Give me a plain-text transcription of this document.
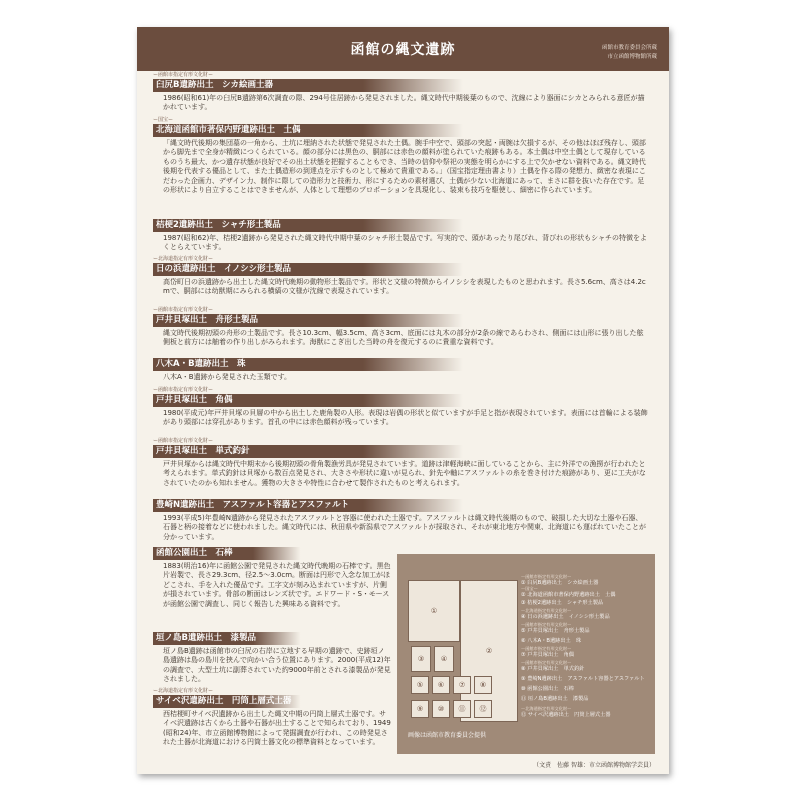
函館の縄文遺跡	函館市教育委員会所蔵
市立函館博物館所蔵
ー函館市指定有形文化財ー
臼尻B遺跡出土　シカ絵画土器
1986(昭和61)年の臼尻B遺跡第6次調査の際、294号住居跡から発見されました。縄文時代中期後葉のもので、沈線により器面にシカとみられる意匠が描かれています。
ー国宝ー
北海道函館市著保内野遺跡出土　土偶
「縄文時代後期の集団墓の一角から、土坑に埋納された状態で発見された土偶。腕手中空で、頭部の突起・両腕は欠損するが、その他はほぼ残存し、頭部から脚先まで全身が精緻につくられている。顔の部分には黒色の、胴部には赤色の顔料が塗られていた痕跡もある。本土偶は中空土偶として現存しているものうち最大、かつ遺存状態が良好でその出土状態を把握することもでき、当時の信仰や祭祀の実態を明らかにする上で欠かせない資料である。縄文時代後期を代表する優品として、また土偶造形の到達点を示すものとして極めて貴重である。」（国宝指定理由書より）土偶を作る際の発想力、緻密な表現にこだわった企画力、デザイン力、制作に際しての造形力と技術力、形にするための素材選び、土偶が少ない北海道にあって、まさに群を抜いた存在です。足の形状により自立することはできませんが、人体として理想のプロポーションを具現化し、装束も技巧を駆使し、細密に作られています。
桔梗2遺跡出土　シャチ形土製品
1987(昭和62)年、桔梗2遺跡から発見された縄文時代中期中葉のシャチ形土製品です。写実的で、頭があったり尾びれ、背びれの形状もシャチの特徴をよくとらえています。
ー北海道指定有形文化財ー
日の浜遺跡出土　イノシシ形土製品
高岱町日の浜遺跡から出土した縄文時代晩期の動物形土製品です。形状と文様の特徴からイノシシを表現したものと思われます。長さ5.6cm、高さは4.2cmで、胴部には幼獣期にみられる横縞の文様が沈線で表現されています。
ー函館市指定有形文化財ー
戸井貝塚出土　舟形土製品
縄文時代後期初頭の舟形の土製品です。長さ10.3cm、幅3.5cm、高さ3cm、底面には丸木の部分が2条の線であらわされ、側面には山形に張り出した舷側板と前方には舳着の作り出しがみられます。海獣にこぎ出した当時の舟を復元するのに貴重な資料です。
八木A・B遺跡出土　珠
八木A・B遺跡から発見された玉類です。
ー函館市指定有形文化財ー
戸井貝塚出土　角偶
1980(平成元)年戸井貝塚の貝層の中から出土した鹿角製の人形。表現は岩偶の形状と似ていますが手足と指が表現されています。表面には首輪による装飾があり頭部には穿孔があります。首孔の中には赤色顔料が残っています。
ー函館市指定有形文化財ー
戸井貝塚出土　単式釣針
戸井貝塚からは縄文時代中期末から後期初頭の骨角製漁労具が発見されています。道跡は津軽海峡に面していることから、主に外洋での漁撈が行われたと考えられます。単式釣針は貝塚から数百点発見され、大きさや形状に違いが見られ、針先や軸にアスファルトの糸を巻き付けた痕跡があり、更に工夫がなされていたのかも知れません。獲物の大きさや特性に合わせて製作されたものと考えられます。
豊崎N遺跡出土　アスファルト容器とアスファルト
1993(平成5)年豊崎N遺跡から発見されたアスファルトと容器に使われた土器です。アスファルトは縄文時代後期のもので、破損した大切な土器や石器、石器と柄の接着などに使われました。縄文時代には、秋田県や新潟県でアスファルトが採取され、それが東北地方や関東、北海道にも運ばれていたことが分かっています。
函館公園出土　石棒
1883(明治16)年に函館公園で発見された縄文時代晩期の石棒です。黒色片岩製で、長さ29.3cm、径2.5〜3.0cm。断面は円形で入念な加工がほどこされ、手を入れた優品です。工字文が刻み込まれていますが、片側が損されています。骨部の断面はレンズ状です。エドワード・S・モースが函館公園で調査し、同じく報告した興味ある資料です。
垣ノ島B遺跡出土　漆製品
垣ノ島B遺跡は函館市の臼尻の右岸に立地する早期の遺跡で、史跡垣ノ島遺跡は島の島川を挟んで向かい合う位置にあります。2000(平成12)年の調査で、大型土坑に副葬されていた約9000年前とされる漆製品が発見されました。
ー北海道指定有形文化財ー
サイベ沢遺跡出土　円筒上層式土器
西桔梗町サイベ沢遺跡から出土した縄文中期の円筒上層式土器です。サイベ沢遺跡は古くから土器や石器が出土することで知られており、1949(昭和24)年、市立函館博物館によって発掘調査が行われ、この時発見された土器が北海道における円筒土器文化の標準資料となっています。
①
②
③ ④
⑤ ⑥ ⑦ ⑧
⑨ ⑩ ⑪ ⑫
ー函館市指定有形文化財ー
① 臼尻B遺跡出土　シカ絵画土器
ー国宝ー
② 北海道函館市著保内野遺跡出土　土偶
③ 桔梗2遺跡出土　シャチ形土製品
ー北海道指定有形文化財ー
④ 日の浜遺跡出土　イノシシ形土製品
ー函館市指定有形文化財ー
⑤ 戸井貝塚出土　舟形土製品
⑥ 八木A・B遺跡出土　珠
ー函館市指定有形文化財ー
⑦ 戸井貝塚出土　角偶
ー函館市指定有形文化財ー
⑧ 戸井貝塚出土　単式釣針
⑨ 豊崎N遺跡出土　アスファルト容器とアスファルト
⑩ 函館公園出土　石棒
⑪ 垣ノ島B遺跡出土　漆製品
ー北海道指定有形文化財ー
⑫ サイベ沢遺跡出土　円筒上層式土器
画像は函館市教育委員会提供
（文責　佐藤 智雄：市立函館博物館学芸員）
